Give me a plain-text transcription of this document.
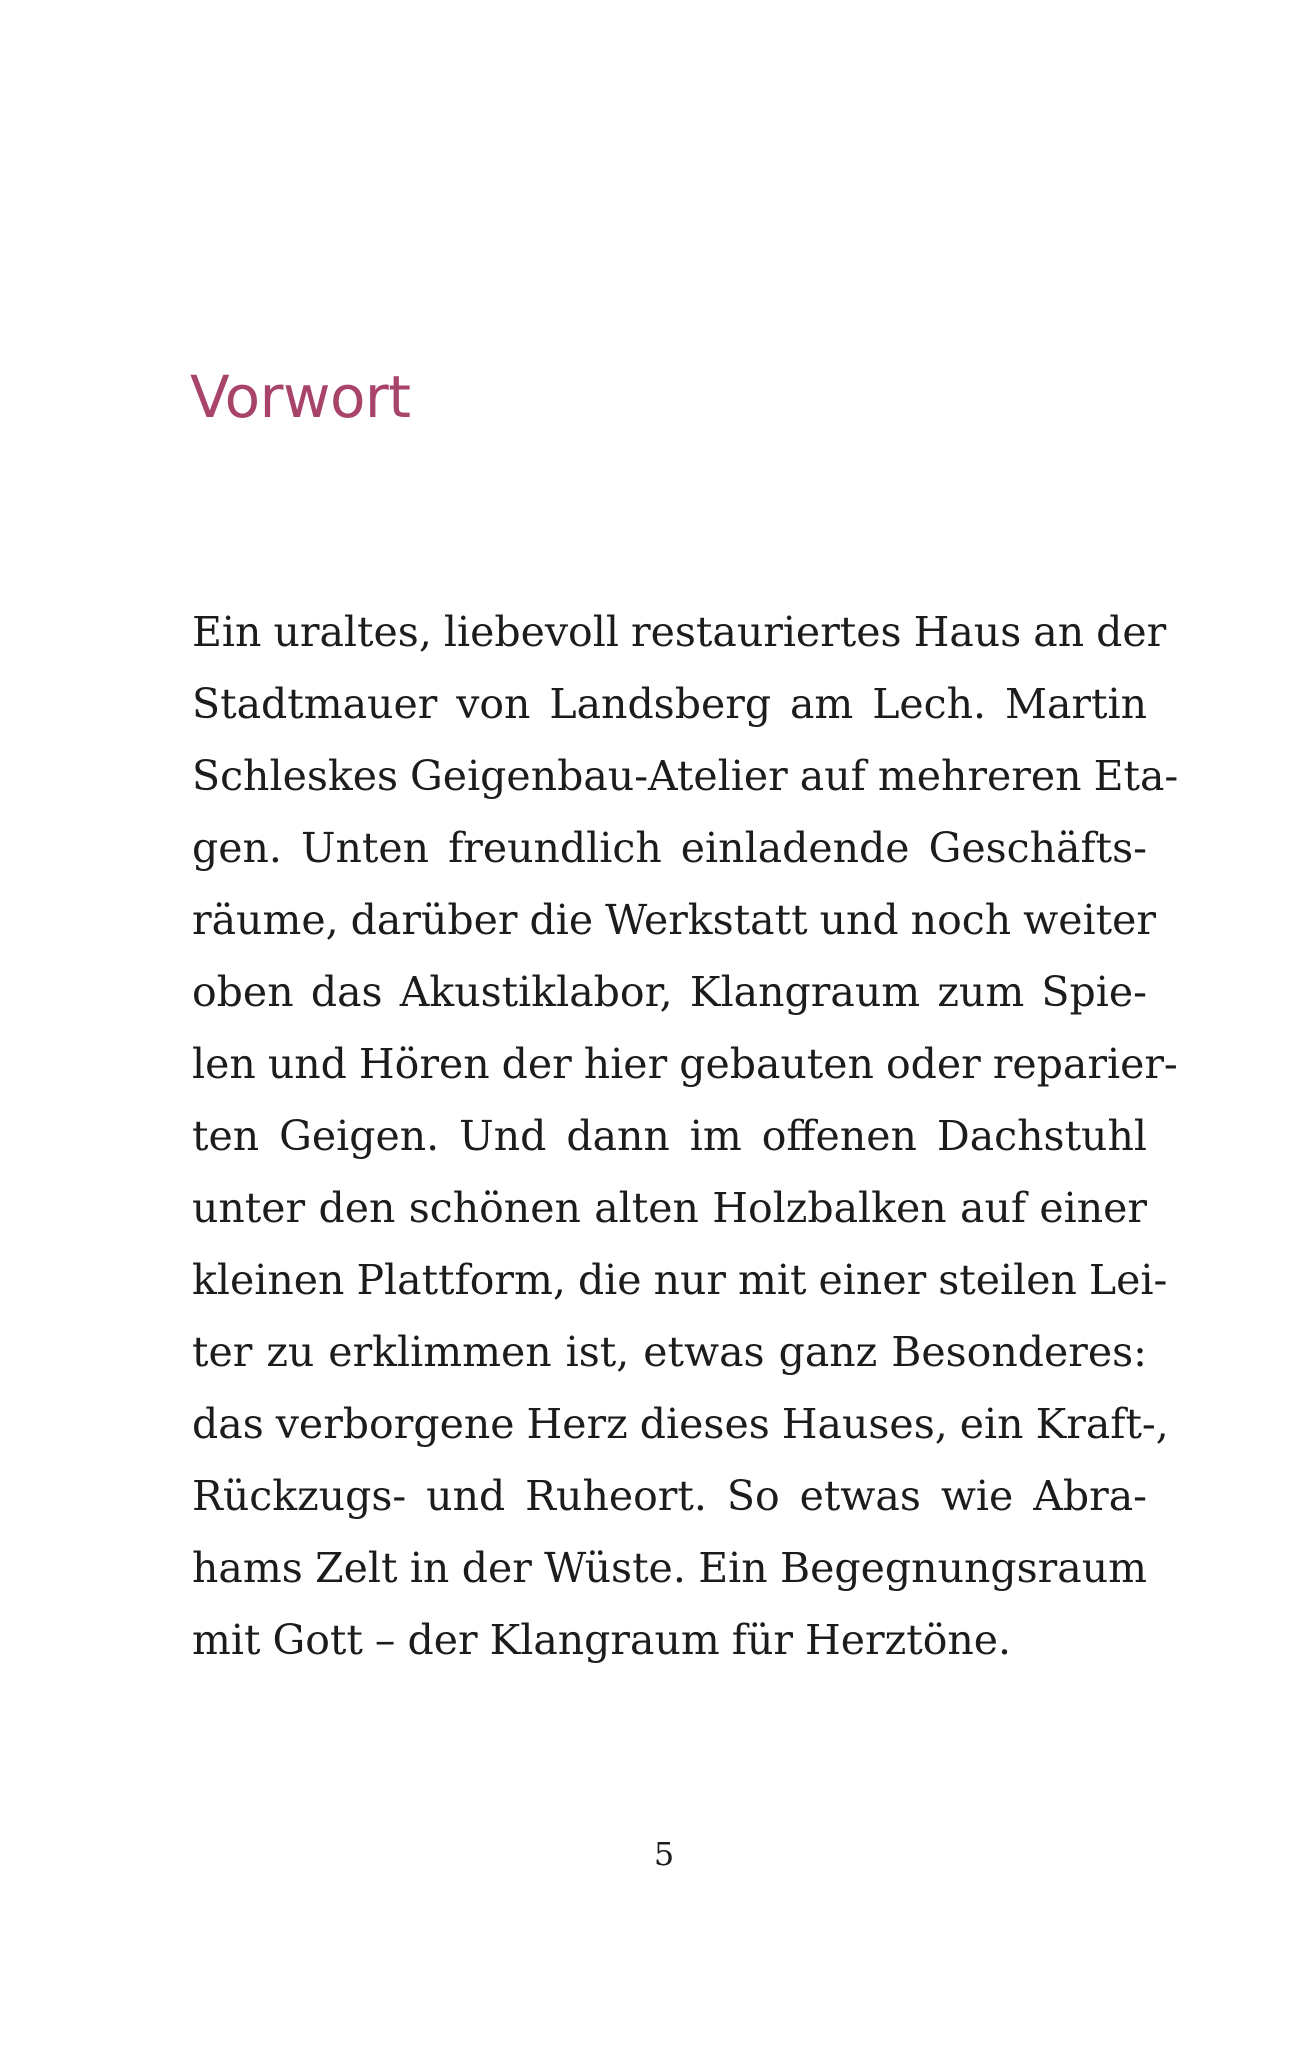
Vorwort
Ein uraltes, liebevoll restauriertes Haus an der
Stadtmauer von Landsberg am Lech. Martin
Schleskes Geigenbau-Atelier auf mehreren Eta-
gen. Unten freundlich einladende Geschäfts-
räume, darüber die Werkstatt und noch weiter
oben das Akustiklabor, Klangraum zum Spie-
len und Hören der hier gebauten oder reparier-
ten Geigen. Und dann im offenen Dachstuhl
unter den schönen alten Holzbalken auf einer
kleinen Plattform, die nur mit einer steilen Lei-
ter zu erklimmen ist, etwas ganz Besonderes:
das verborgene Herz dieses Hauses, ein Kraft-,
Rückzugs- und Ruheort. So etwas wie Abra-
hams Zelt in der Wüste. Ein Begegnungsraum
mit Gott – der Klangraum für Herztöne.

5
